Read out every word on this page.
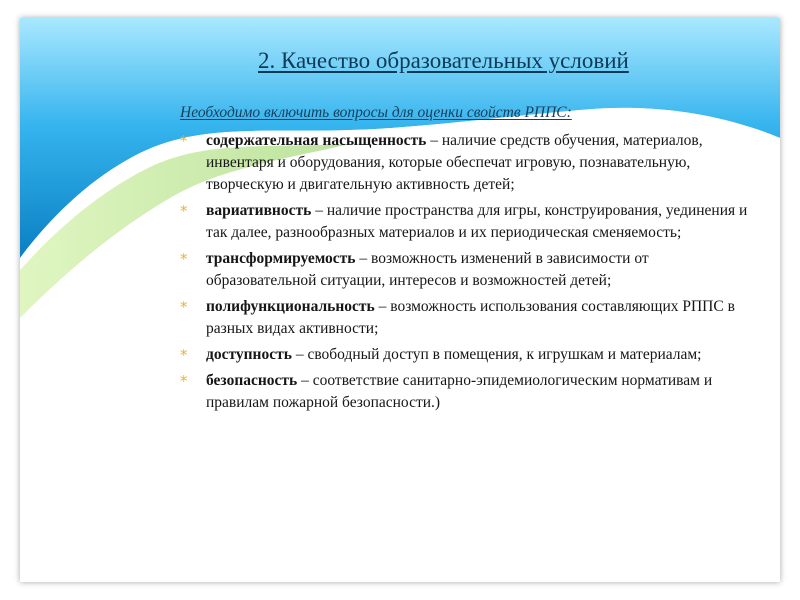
2. Качество образовательных условий
Необходимо включить вопросы для оценки свойств РППС:
*	содержательная насыщенность – наличие средств обучения, материалов, инвентаря и оборудования, которые обеспечат игровую, познавательную, творческую и двигательную активность детей;
*	вариативность – наличие пространства для игры, конструирования, уединения и так далее, разнообразных материалов и их периодическая сменяемость;
*	трансформируемость – возможность изменений в зависимости от образовательной ситуации, интересов и возможностей детей;
*	полифункциональность – возможность использования составляющих РППС в разных видах активности;
*	доступность – свободный доступ в помещения, к игрушкам и материалам;
*	безопасность – соответствие санитарно-эпидемиологическим нормативам и правилам пожарной безопасности.)
